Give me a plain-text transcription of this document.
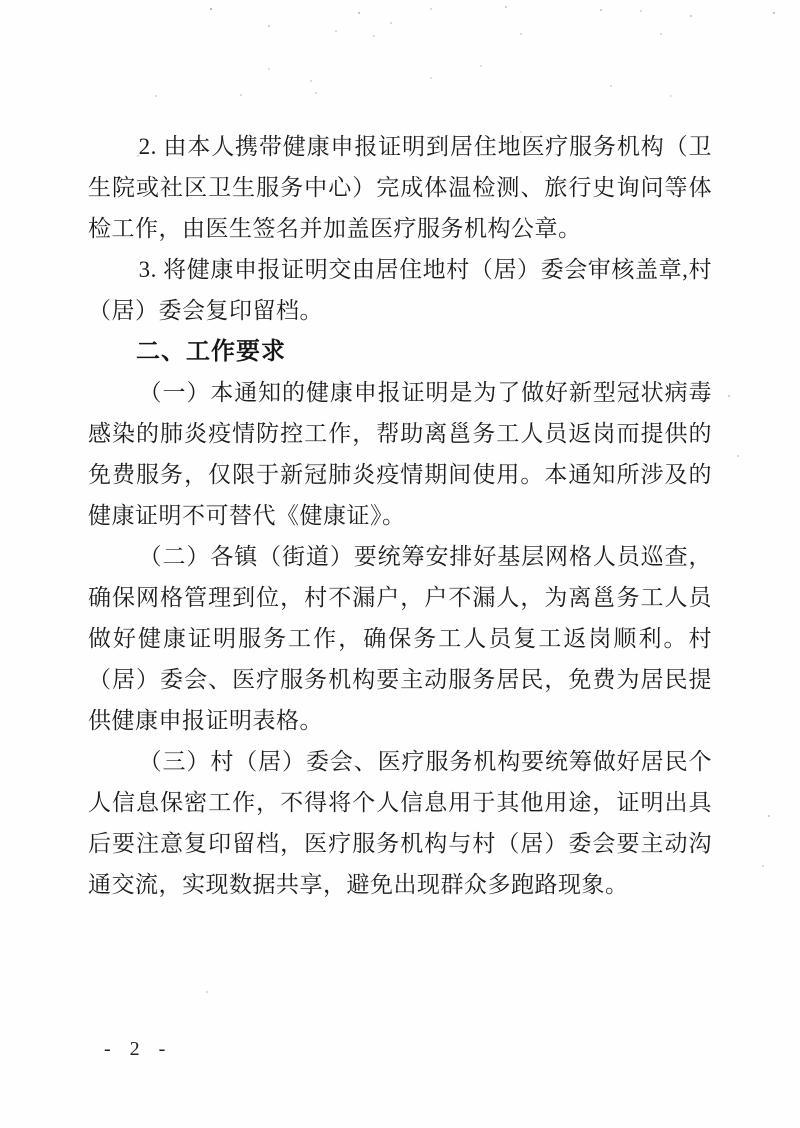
2. 由本人携带健康申报证明到居住地医疗服务机构（卫生院或社区卫生服务中心）完成体温检测、旅行史询问等体检工作，由医生签名并加盖医疗服务机构公章。

3. 将健康申报证明交由居住地村（居）委会审核盖章,村（居）委会复印留档。

二、工作要求

（一）本通知的健康申报证明是为了做好新型冠状病毒感染的肺炎疫情防控工作，帮助离邕务工人员返岗而提供的免费服务，仅限于新冠肺炎疫情期间使用。本通知所涉及的健康证明不可替代《健康证》。

（二）各镇（街道）要统筹安排好基层网格人员巡查，确保网格管理到位，村不漏户，户不漏人，为离邕务工人员做好健康证明服务工作，确保务工人员复工返岗顺利。村（居）委会、医疗服务机构要主动服务居民，免费为居民提供健康申报证明表格。

（三）村（居）委会、医疗服务机构要统筹做好居民个人信息保密工作，不得将个人信息用于其他用途，证明出具后要注意复印留档，医疗服务机构与村（居）委会要主动沟通交流，实现数据共享，避免出现群众多跑路现象。

- 2 -
